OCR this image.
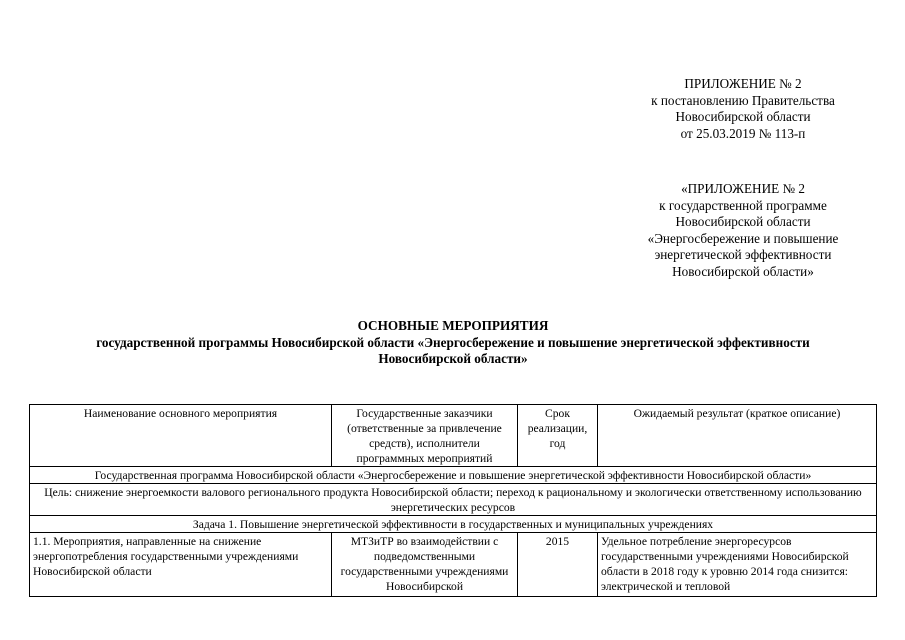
ПРИЛОЖЕНИЕ № 2
к постановлению Правительства
Новосибирской области
от 25.03.2019 № 113-п
«ПРИЛОЖЕНИЕ № 2
к государственной программе
Новосибирской области
«Энергосбережение и повышение
энергетической эффективности
Новосибирской области»
ОСНОВНЫЕ МЕРОПРИЯТИЯ
государственной программы Новосибирской области «Энергосбережение и повышение энергетической эффективности
Новосибирской области»
Наименование основного мероприятия	Государственные заказчики (ответственные за привлечение средств), исполнители программных мероприятий	Срок реализации, год	Ожидаемый результат (краткое описание)
Государственная программа Новосибирской области «Энергосбережение и повышение энергетической эффективности Новосибирской области»			
Цель: снижение энергоемкости валового регионального продукта Новосибирской области; переход к рациональному и экологически ответственному использованию энергетических ресурсов			
Задача 1. Повышение энергетической эффективности в государственных и муниципальных учреждениях			
1.1. Мероприятия, направленные на снижение энергопотребления государственными учреждениями Новосибирской области	МТЗиТР во взаимодействии с подведомственными государственными учреждениями Новосибирской	2015	Удельное потребление энергоресурсов государственными учреждениями Новосибирской области в 2018 году к уровню 2014 года снизится: электрической и тепловой
